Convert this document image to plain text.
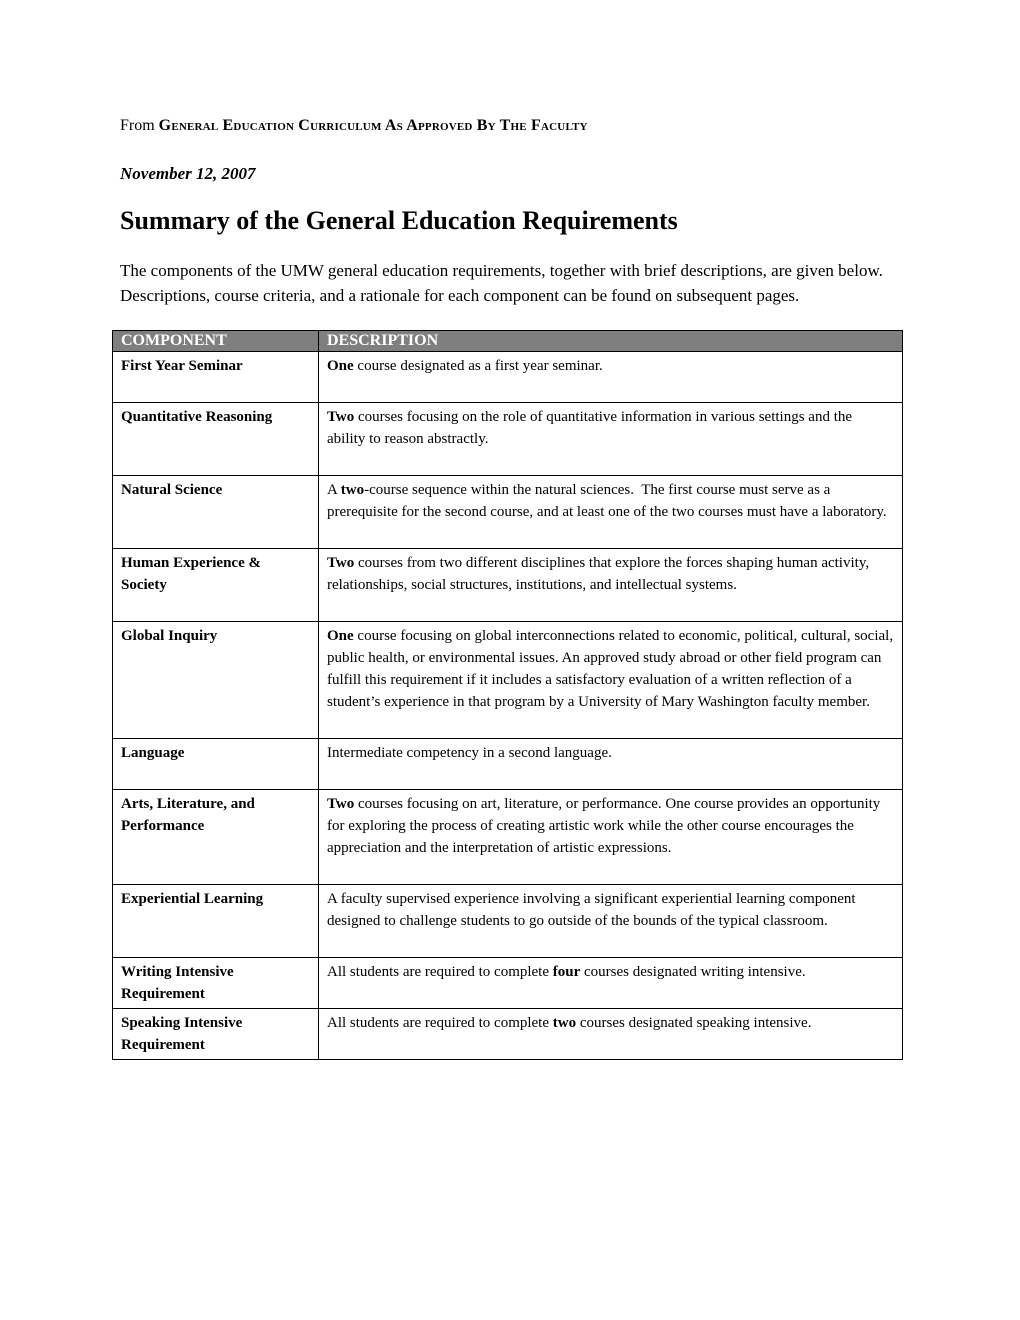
From General Education Curriculum As Approved By The Faculty

November 12, 2007

Summary of the General Education Requirements

The components of the UMW general education requirements, together with brief descriptions, are given below.  Descriptions, course criteria, and a rationale for each component can be found on subsequent pages.

COMPONENT	DESCRIPTION
First Year Seminar	One course designated as a first year seminar.
Quantitative Reasoning	Two courses focusing on the role of quantitative information in various settings and the ability to reason abstractly.
Natural Science	A two-course sequence within the natural sciences.  The first course must serve as a prerequisite for the second course, and at least one of the two courses must have a laboratory.
Human Experience & Society	Two courses from two different disciplines that explore the forces shaping human activity, relationships, social structures, institutions, and intellectual systems.
Global Inquiry	One course focusing on global interconnections related to economic, political, cultural, social, public health, or environmental issues. An approved study abroad or other field program can fulfill this requirement if it includes a satisfactory evaluation of a written reflection of a student’s experience in that program by a University of Mary Washington faculty member.
Language	Intermediate competency in a second language.
Arts, Literature, and Performance	Two courses focusing on art, literature, or performance. One course provides an opportunity for exploring the process of creating artistic work while the other course encourages the appreciation and the interpretation of artistic expressions.
Experiential Learning	A faculty supervised experience involving a significant experiential learning component designed to challenge students to go outside of the bounds of the typical classroom.
Writing Intensive Requirement	All students are required to complete four courses designated writing intensive.
Speaking Intensive Requirement	All students are required to complete two courses designated speaking intensive.
